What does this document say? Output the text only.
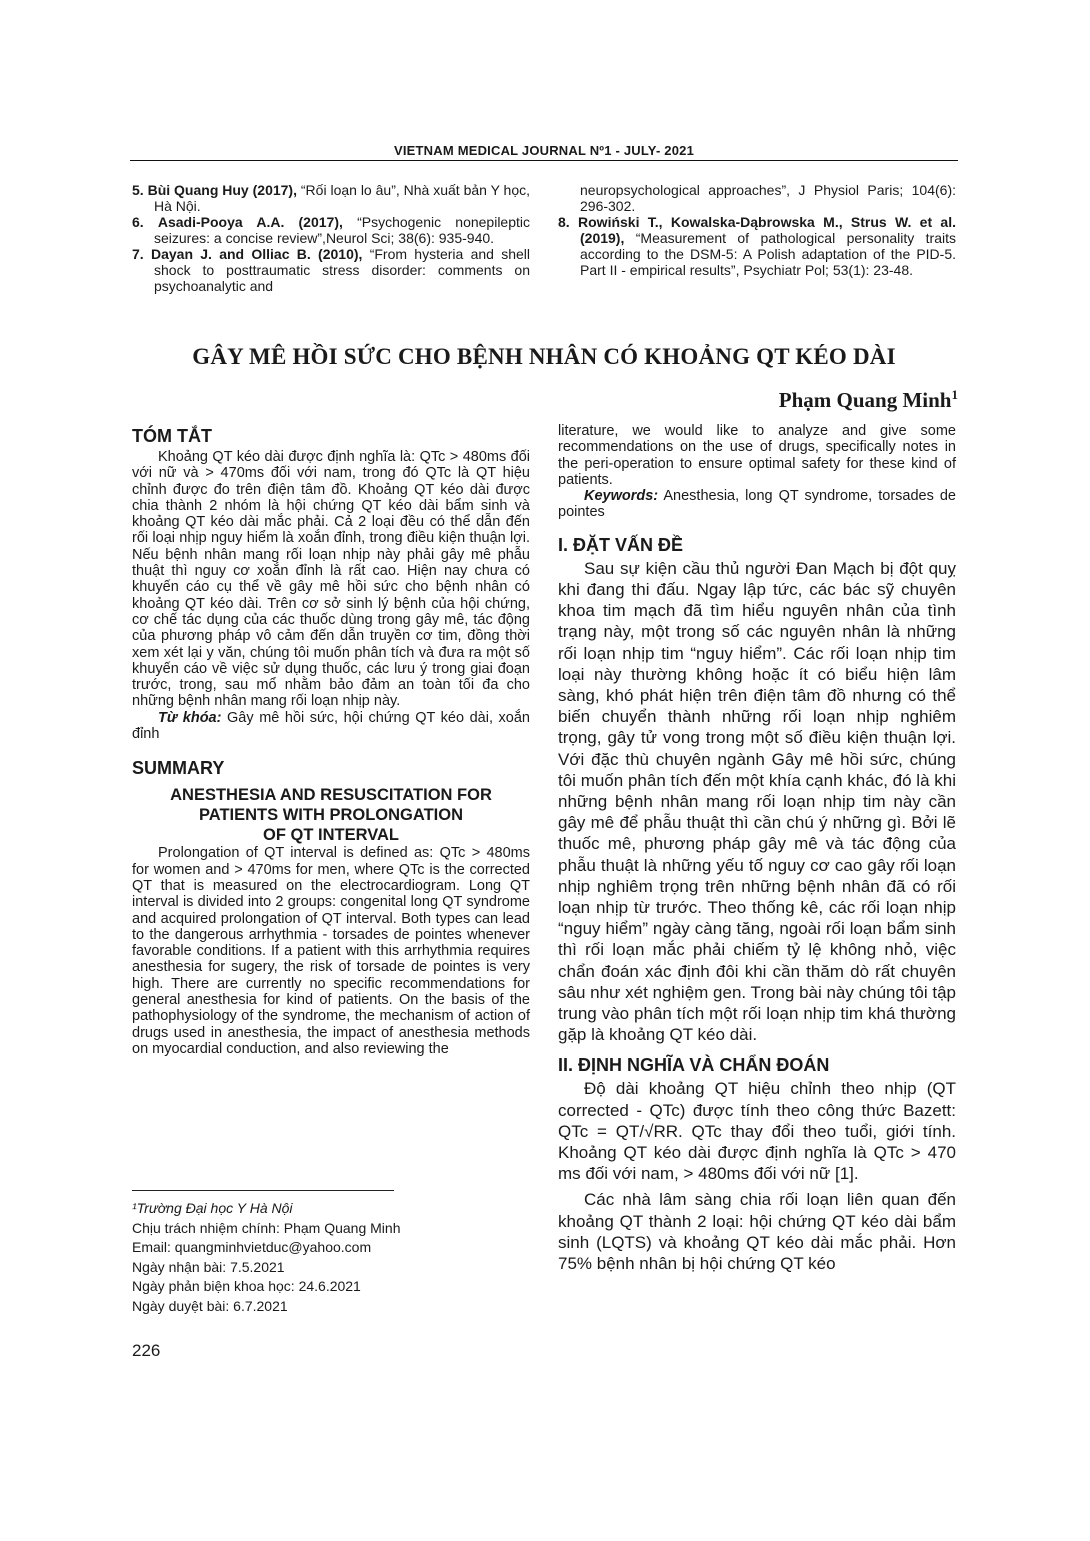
VIETNAM MEDICAL JOURNAL Nº1 - JULY- 2021

5. Bùi Quang Huy (2017), “Rối loạn lo âu”, Nhà xuất bản Y học, Hà Nội.

6. Asadi-Pooya A.A. (2017), “Psychogenic nonepileptic seizures: a concise review”,Neurol Sci; 38(6): 935-940.

7. Dayan J. and Olliac B. (2010), “From hysteria and shell shock to posttraumatic stress disorder: comments on psychoanalytic and

neuropsychological approaches”, J Physiol Paris; 104(6): 296-302.

8. Rowiński T., Kowalska-Dąbrowska M., Strus W. et al. (2019), “Measurement of pathological personality traits according to the DSM-5: A Polish adaptation of the PID-5. Part II - empirical results”, Psychiatr Pol; 53(1): 23-48.

GÂY MÊ HỒI SỨC CHO BỆNH NHÂN CÓ KHOẢNG QT KÉO DÀI
Phạm Quang Minh$^1$

TÓM TẮT

Khoảng QT kéo dài được định nghĩa là: QTc > 480ms đối với nữ và > 470ms đối với nam, trong đó QTc là QT hiệu chỉnh được đo trên điện tâm đồ. Khoảng QT kéo dài được chia thành 2 nhóm là hội chứng QT kéo dài bẩm sinh và khoảng QT kéo dài mắc phải. Cả 2 loại đều có thể dẫn đến rối loại nhịp nguy hiểm là xoắn đỉnh, trong điều kiện thuận lợi. Nếu bệnh nhân mang rối loạn nhịp này phải gây mê phẫu thuật thì nguy cơ xoắn đỉnh là rất cao. Hiện nay chưa có khuyến cáo cụ thể về gây mê hồi sức cho bệnh nhân có khoảng QT kéo dài. Trên cơ sở sinh lý bệnh của hội chứng, cơ chế tác dụng của các thuốc dùng trong gây mê, tác động của phương pháp vô cảm đến dẫn truyền cơ tim, đồng thời xem xét lại y văn, chúng tôi muốn phân tích và đưa ra một số khuyến cáo về việc sử dụng thuốc, các lưu ý trong giai đoạn trước, trong, sau mổ nhằm bảo đảm an toàn tối đa cho những bệnh nhân mang rối loạn nhịp này.

Từ khóa: Gây mê hồi sức, hội chứng QT kéo dài, xoắn đỉnh

SUMMARY

ANESTHESIA AND RESUSCITATION FOR
PATIENTS WITH PROLONGATION
OF QT INTERVAL

Prolongation of QT interval is defined as: QTc > 480ms for women and > 470ms for men, where QTc is the corrected QT that is measured on the electrocardiogram. Long QT interval is divided into 2 groups: congenital long QT syndrome and acquired prolongation of QT interval. Both types can lead to the dangerous arrhythmia - torsades de pointes whenever favorable conditions. If a patient with this arrhythmia requires anesthesia for sugery, the risk of torsade de pointes is very high. There are currently no specific recommendations for general anesthesia for kind of patients. On the basis of the pathophysiology of the syndrome, the mechanism of action of drugs used in anesthesia, the impact of anesthesia methods on myocardial conduction, and also reviewing the

literature, we would like to analyze and give some recommendations on the use of drugs, specifically notes in the peri-operation to ensure optimal safety for these kind of patients.

Keywords: Anesthesia, long QT syndrome, torsades de pointes

I. ĐẶT VẤN ĐỀ

Sau sự kiện cầu thủ người Đan Mạch bị đột quỵ khi đang thi đấu. Ngay lập tức, các bác sỹ chuyên khoa tim mạch đã tìm hiểu nguyên nhân của tình trạng này, một trong số các nguyên nhân là những rối loạn nhịp tim “nguy hiểm”. Các rối loạn nhịp tim loại này thường không hoặc ít có biểu hiện lâm sàng, khó phát hiện trên điện tâm đồ nhưng có thể biến chuyển thành những rối loạn nhịp nghiêm trọng, gây tử vong trong một số điều kiện thuận lợi. Với đặc thù chuyên ngành Gây mê hồi sức, chúng tôi muốn phân tích đến một khía cạnh khác, đó là khi những bệnh nhân mang rối loạn nhịp tim này cần gây mê để phẫu thuật thì cần chú ý những gì. Bởi lẽ thuốc mê, phương pháp gây mê và tác động của phẫu thuật là những yếu tố nguy cơ cao gây rối loạn nhịp nghiêm trọng trên những bệnh nhân đã có rối loạn nhịp từ trước. Theo thống kê, các rối loạn nhịp “nguy hiểm” ngày càng tăng, ngoài rối loạn bẩm sinh thì rối loạn mắc phải chiếm tỷ lệ không nhỏ, việc chẩn đoán xác định đôi khi cần thăm dò rất chuyên sâu như xét nghiệm gen. Trong bài này chúng tôi tập trung vào phân tích một rối loạn nhịp tim khá thường gặp là khoảng QT kéo dài.

II. ĐỊNH NGHĨA VÀ CHẨN ĐOÁN

Độ dài khoảng QT hiệu chỉnh theo nhịp (QT corrected - QTc) được tính theo công thức Bazett: QTc = QT/√RR. QTc thay đổi theo tuổi, giới tính. Khoảng QT kéo dài được định nghĩa là QTc > 470 ms đối với nam, > 480ms đối với nữ [1].

Các nhà lâm sàng chia rối loạn liên quan đến khoảng QT thành 2 loại: hội chứng QT kéo dài bẩm sinh (LQTS) và khoảng QT kéo dài mắc phải. Hơn 75% bệnh nhân bị hội chứng QT kéo

¹Trường Đại học Y Hà Nội
Chịu trách nhiệm chính: Phạm Quang Minh
Email: quangminhvietduc@yahoo.com
Ngày nhận bài: 7.5.2021
Ngày phản biện khoa học: 24.6.2021
Ngày duyệt bài: 6.7.2021
226
